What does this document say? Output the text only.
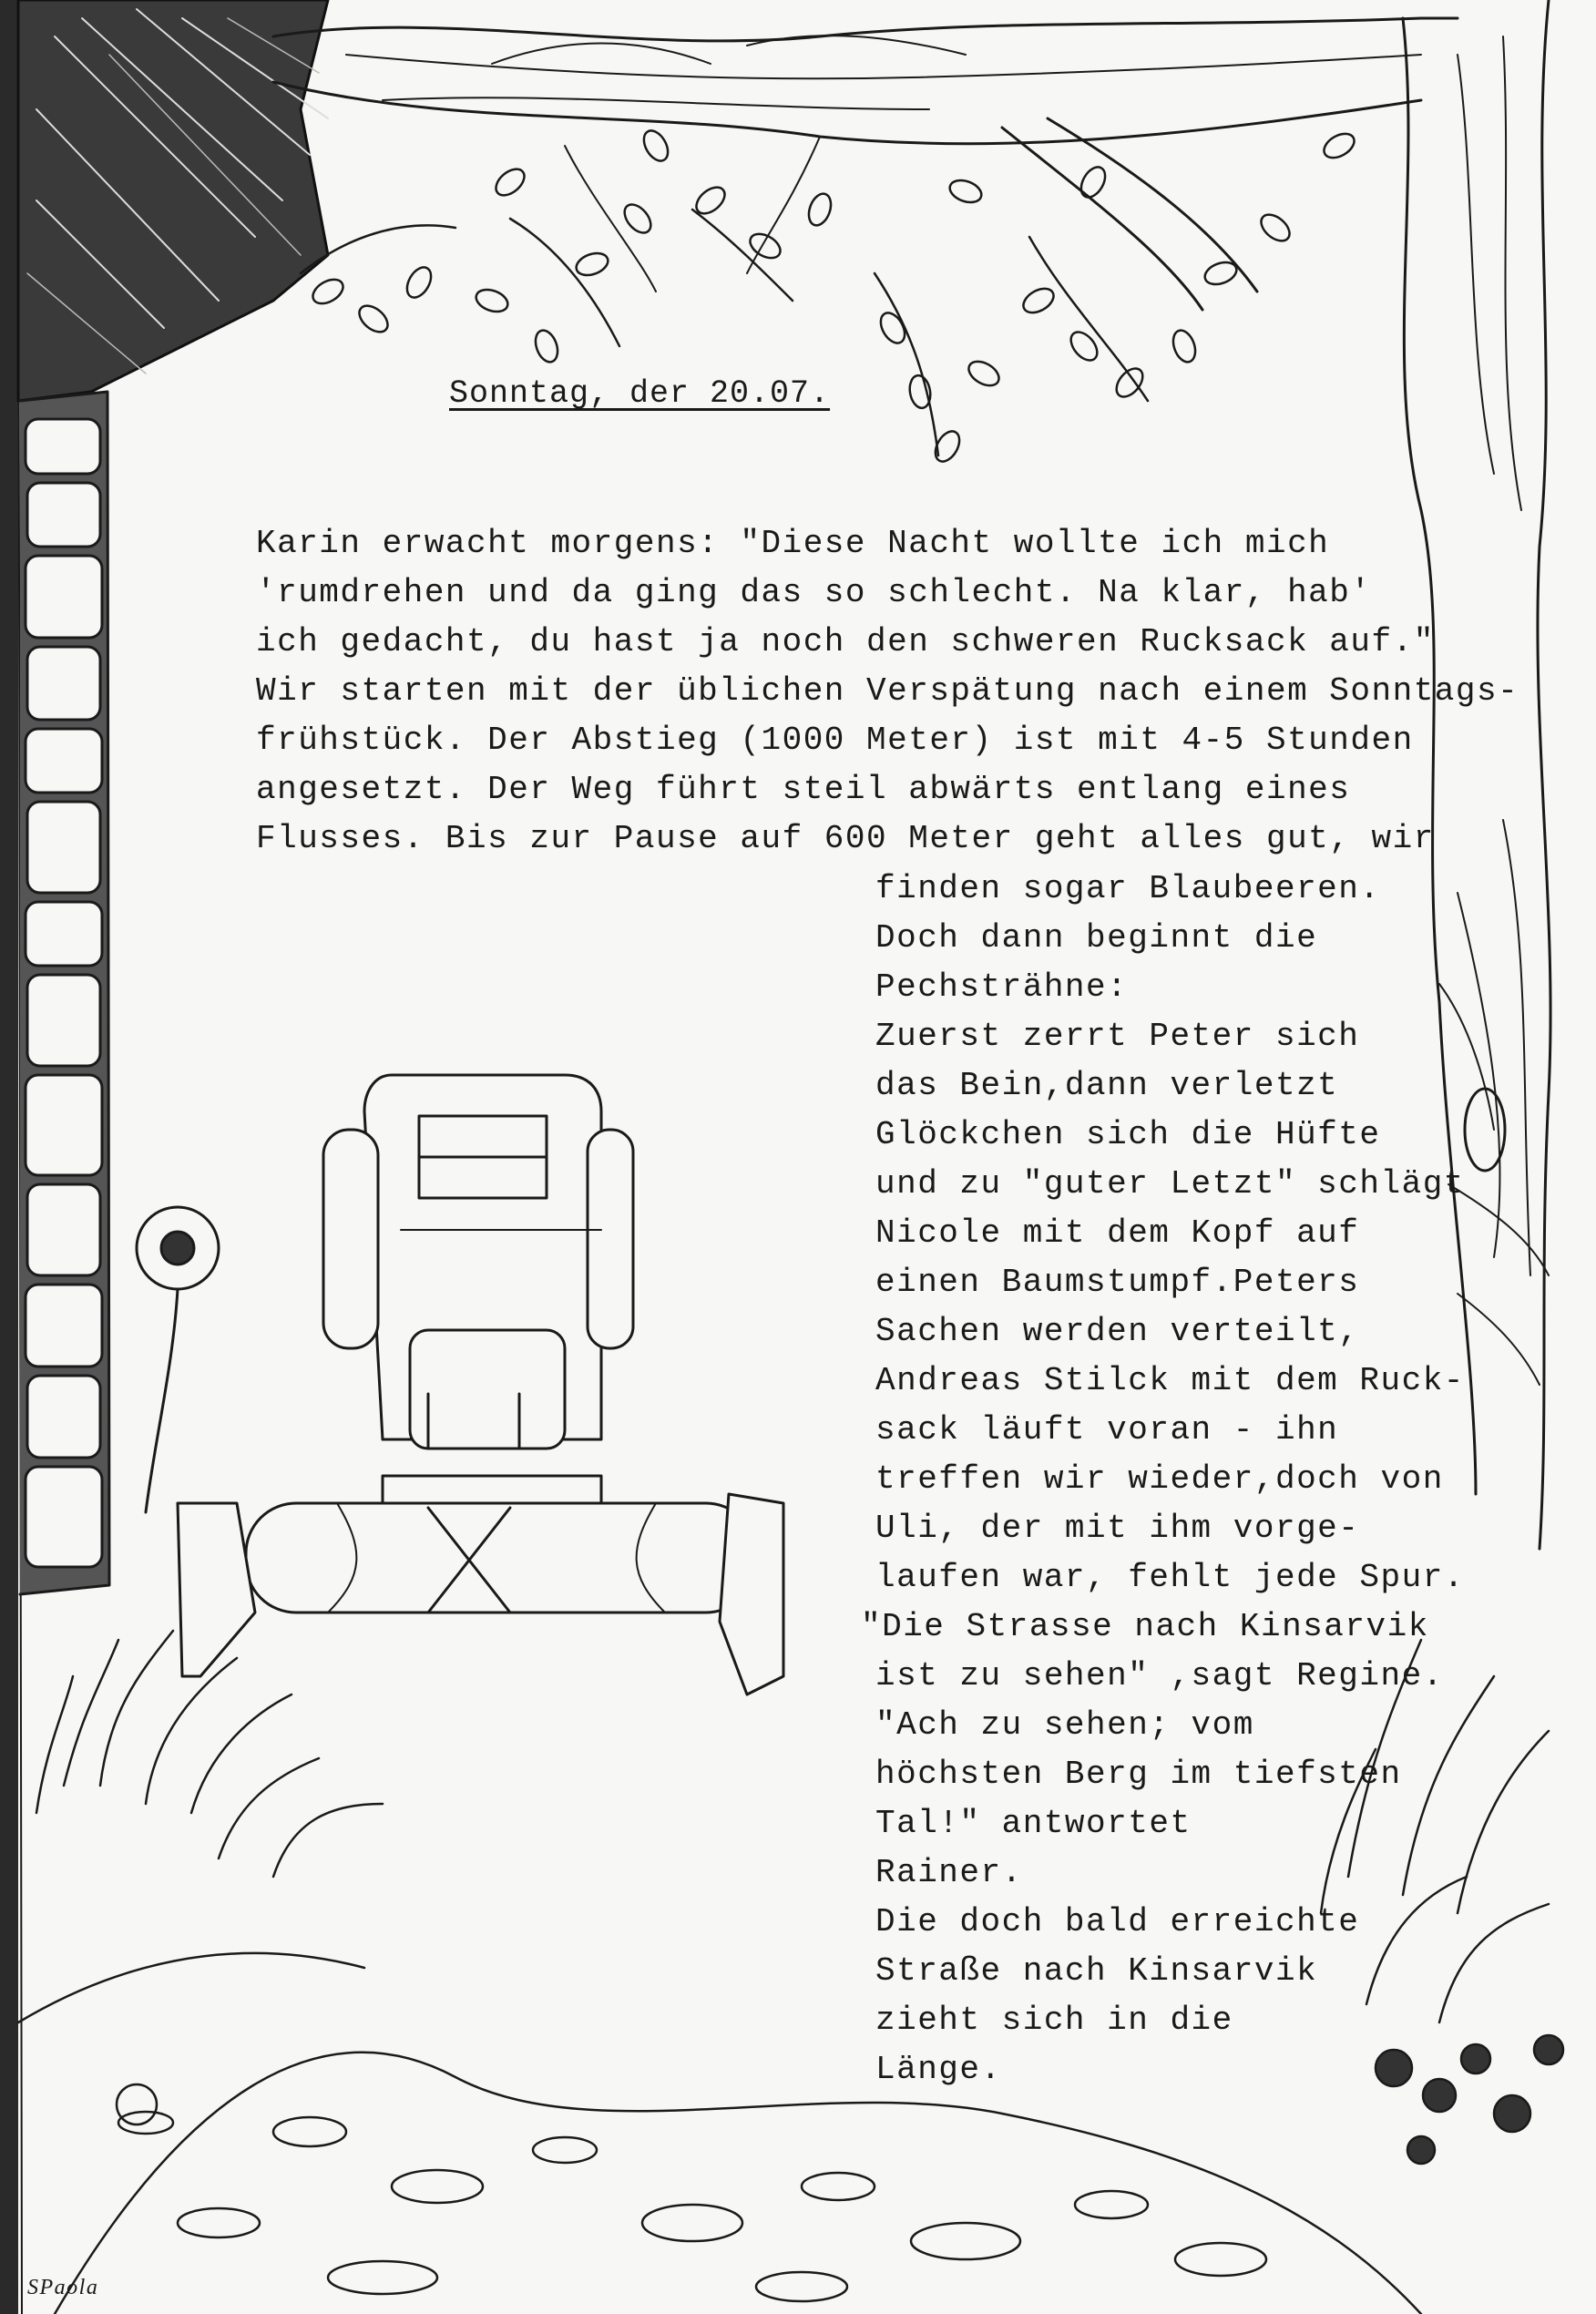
Sonntag, der 20.07.
Karin erwacht morgens: "Diese Nacht wollte ich mich
'rumdrehen und da ging das so schlecht. Na klar, hab'
ich gedacht, du hast ja noch den schweren Rucksack auf."
Wir starten mit der üblichen Verspätung nach einem Sonntags-
frühstück. Der Abstieg (1000 Meter) ist mit 4-5 Stunden
angesetzt. Der Weg führt steil abwärts entlang eines
Flusses. Bis zur Pause auf 600 Meter geht alles gut, wir
finden sogar Blaubeeren.
Doch dann beginnt die
Pechsträhne:
Zuerst zerrt Peter sich
das Bein,dann verletzt
Glöckchen sich die Hüfte
und zu "guter Letzt" schlägt
Nicole mit dem Kopf auf
einen Baumstumpf.Peters
Sachen werden verteilt,
Andreas Stilck mit dem Ruck-
sack läuft voran - ihn
treffen wir wieder,doch von
Uli, der mit ihm vorge-
laufen war, fehlt jede Spur.
"Die Strasse nach Kinsarvik
ist zu sehen" ,sagt Regine.
"Ach zu sehen; vom
höchsten Berg im tiefsten
Tal!" antwortet
Rainer.
Die doch bald erreichte
Straße nach Kinsarvik
zieht sich in die
Länge.
SPaola
